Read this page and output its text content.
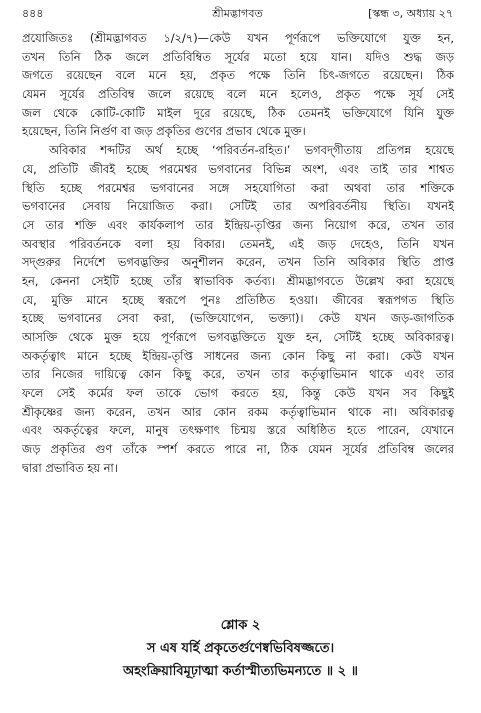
৪৪৪	শ্রীমদ্ভাগবত	[স্কন্ধ ৩, অধ্যায় ২৭
প্রযোজিতঃ (শ্রীমদ্ভাগবত ১/২/৭)—কেউ যখন পূর্ণরূপে ভক্তিযোগে যুক্ত হন,
তখন তিনি ঠিক জলে প্রতিবিম্বিত সূর্যের মতো হয়ে যান। যদিও শুদ্ধ জড়
জগতে রয়েছেন বলে মনে হয়, প্রকৃত পক্ষে তিনি চিৎ-জগতে রয়েছেন। ঠিক
যেমন সূর্যের প্রতিবিম্ব জলে রয়েছে বলে মনে হলেও, প্রকৃত পক্ষে সূর্য সেই
জল থেকে কোটি-কোটি মাইল দূরে রয়েছে, ঠিক তেমনই ভক্তিযোগে যিনি যুক্ত
হয়েছেন, তিনি নির্গুণ বা জড় প্রকৃতির গুণের প্রভাব থেকে মুক্ত।
অবিকার শব্দটির অর্থ হচ্ছে ‘পরিবর্তন-রহিত।’ ভগবদ্‌গীতায় প্রতিপন্ন হয়েছে
যে, প্রতিটি জীবই হচ্ছে পরমেশ্বর ভগবানের বিভিন্ন অংশ, এবং তাই তার শাশ্বত
স্থিতি হচ্ছে পরমেশ্বর ভগবানের সঙ্গে সহযোগিতা করা অথবা তার শক্তিকে
ভগবানের সেবায় নিয়োজিত করা। সেটিই তার অপরিবর্তনীয় স্থিতি। যখনই
সে তার শক্তি এবং কার্যকলাপ তার ইন্দ্রিয়-তৃপ্তির জন্য নিয়োগ করে, তখন তার
অবস্থার পরিবর্তনকে বলা হয় বিকার। তেমনই, এই জড় দেহেও, তিনি যখন
সদ্গুরুর নির্দেশে ভগবদ্ভক্তির অনুশীলন করেন, তখন তিনি অবিকার স্থিতি প্রাপ্ত
হন, কেননা সেইটি হচ্ছে তাঁর স্বাভাবিক কর্তব্য। শ্রীমদ্ভাগবতে উল্লেখ করা হয়েছে
যে, মুক্তি মানে হচ্ছে স্বরূপে পুনঃ প্রতিষ্ঠিত হওয়া। জীবের স্বরূপগত স্থিতি
হচ্ছে ভগবানের সেবা করা, (ভক্তিযোগেন, ভক্ত্যা)। কেউ যখন জড়-জাগতিক
আসক্তি থেকে মুক্ত হয়ে পূর্ণরূপে ভগবদ্ভক্তিতে যুক্ত হন, সেটিই হচ্ছে অবিকারত্ব।
অকর্তৃত্বাৎ মানে হচ্ছে ইন্দ্রিয়-তৃপ্তি সাধনের জন্য কোন কিছু না করা। কেউ যখন
তার নিজের দায়িত্বে কোন কিছু করে, তখন তার কর্তৃত্বাভিমান থাকে এবং তার
ফলে সেই কর্মের ফল তাকে ভোগ করতে হয়, কিন্তু কেউ যখন সব কিছুই
শ্রীকৃষ্ণের জন্য করেন, তখন আর কোন রকম কর্তৃত্বাভিমান থাকে না। অবিকারত্ব
এবং অকর্তৃত্বের ফলে, মানুষ তৎক্ষণাৎ চিন্ময় স্তরে অধিষ্ঠিত হতে পারেন, যেখানে
জড় প্রকৃতির গুণ তাঁকে স্পর্শ করতে পারে না, ঠিক যেমন সূর্যের প্রতিবিম্ব জলের
দ্বারা প্রভাবিত হয় না।
শ্লোক ২
স এষ যর্হি প্রকৃতের্গুণেষ্বভিবিষজ্জতে।
অহংক্রিয়াবিমূঢ়াত্মা কর্তাস্মীত্যভিমন্যতে ॥ ২ ॥
